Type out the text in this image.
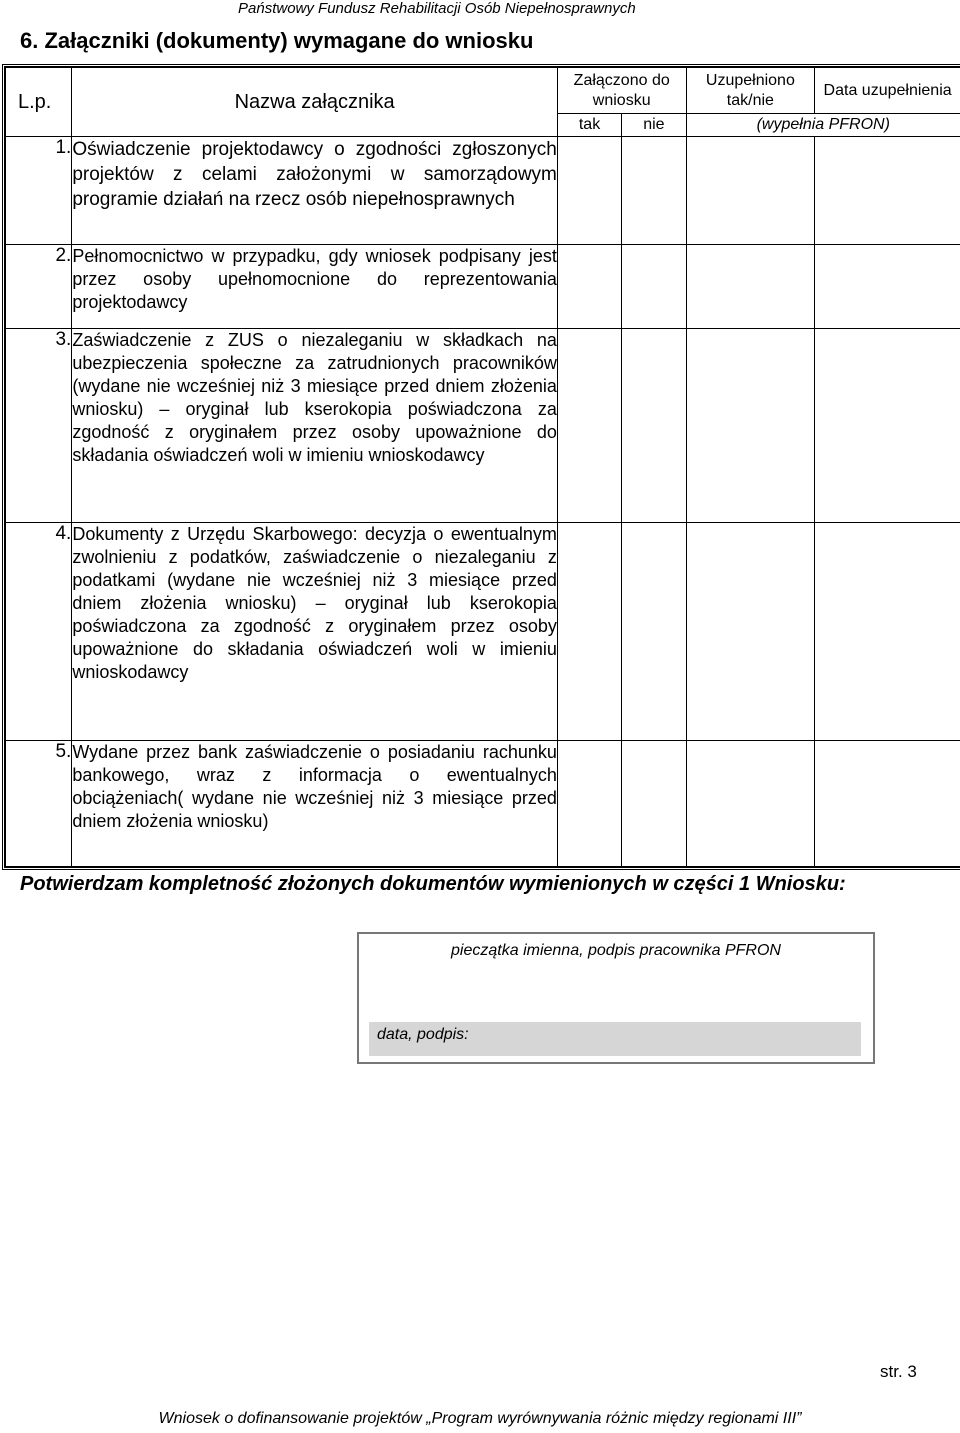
Państwowy Fundusz Rehabilitacji Osób Niepełnosprawnych
6. Załączniki (dokumenty) wymagane do wniosku
L.p.	Nazwa załącznika	Załączono do wniosku		Uzupełniono tak/nie	Data uzupełnienia
		tak	nie	(wypełnia PFRON)	
1.	Oświadczenie projektodawcy o zgodności zgłoszonych projektów z celami założonymi w samorządowym programie działań na rzecz osób niepełnosprawnych				
2.	Pełnomocnictwo w przypadku, gdy wniosek podpisany jest przez osoby upełnomocnione do reprezentowania projektodawcy				
3.	Zaświadczenie z ZUS o niezaleganiu w składkach na ubezpieczenia społeczne za zatrudnionych pracowników (wydane nie wcześniej niż 3 miesiące przed dniem złożenia wniosku) – oryginał lub kserokopia poświadczona za zgodność z oryginałem przez osoby upoważnione do składania oświadczeń woli w imieniu wnioskodawcy				
4.	Dokumenty z Urzędu Skarbowego: decyzja o ewentualnym zwolnieniu z podatków, zaświadczenie o niezaleganiu z podatkami (wydane nie wcześniej niż 3 miesiące przed dniem złożenia wniosku) – oryginał lub kserokopia poświadczona za zgodność z oryginałem przez osoby upoważnione do składania oświadczeń woli w imieniu wnioskodawcy				
5.	Wydane przez bank zaświadczenie o posiadaniu rachunku bankowego, wraz z informacja o ewentualnych obciążeniach( wydane nie wcześniej niż 3 miesiące przed dniem złożenia wniosku)				
Potwierdzam kompletność złożonych dokumentów wymienionych w części 1 Wniosku:
pieczątka imienna, podpis pracownika PFRON
data, podpis:
str. 3
Wniosek o dofinansowanie projektów „Program wyrównywania różnic między regionami III”
